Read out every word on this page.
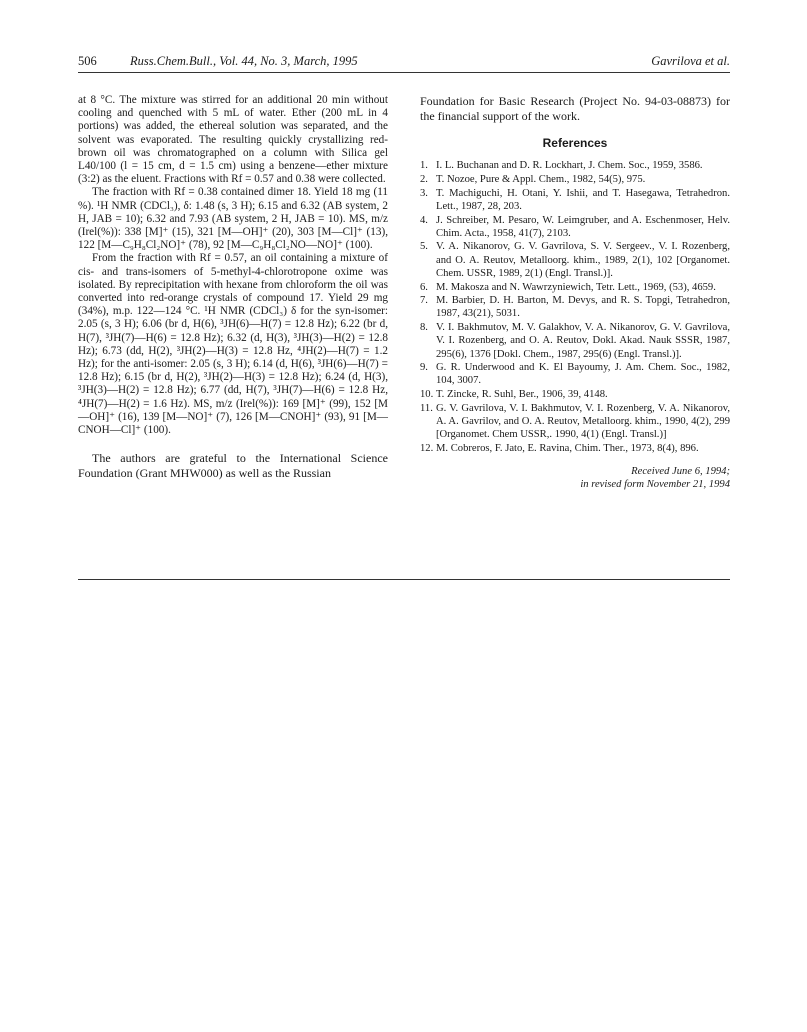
506	Russ.Chem.Bull., Vol. 44, No. 3, March, 1995	Gavrilova et al.

at 8 °C. The mixture was stirred for an additional 20 min without cooling and quenched with 5 mL of water. Ether (200 mL in 4 portions) was added, the ethereal solution was separated, and the solvent was evaporated. The resulting quickly crystallizing red-brown oil was chromatographed on a column with Silica gel L40/100 (l = 15 cm, d = 1.5 cm) using a benzene—ether mixture (3:2) as the eluent. Fractions with Rf = 0.57 and 0.38 were collected.

The fraction with Rf = 0.38 contained dimer 18. Yield 18 mg (11 %). ¹H NMR (CDCl₃), δ: 1.48 (s, 3 H); 6.15 and 6.32 (AB system, 2 H, JAB = 10); 6.32 and 7.93 (AB system, 2 H, JAB = 10). MS, m/z (Irel(%)): 338 [M]⁺ (15), 321 [M—OH]⁺ (20), 303 [M—Cl]⁺ (13), 122 [M—C₉H₈Cl₂NO]⁺ (78), 92 [M—C₉H₈Cl₂NO—NO]⁺ (100).

From the fraction with Rf = 0.57, an oil containing a mixture of cis- and trans-isomers of 5-methyl-4-chlorotropone oxime was isolated. By reprecipitation with hexane from chloroform the oil was converted into red-orange crystals of compound 17. Yield 29 mg (34%), m.p. 122—124 °C. ¹H NMR (CDCl₃) δ for the syn-isomer: 2.05 (s, 3 H); 6.06 (br d, H(6), ³JH(6)—H(7) = 12.8 Hz); 6.22 (br d, H(7), ³JH(7)—H(6) = 12.8 Hz); 6.32 (d, H(3), ³JH(3)—H(2) = 12.8 Hz); 6.73 (dd, H(2), ³JH(2)—H(3) = 12.8 Hz, ⁴JH(2)—H(7) = 1.2 Hz); for the anti-isomer: 2.05 (s, 3 H); 6.14 (d, H(6), ³JH(6)—H(7) = 12.8 Hz); 6.15 (br d, H(2), ³JH(2)—H(3) = 12.8 Hz); 6.24 (d, H(3), ³JH(3)—H(2) = 12.8 Hz); 6.77 (dd, H(7), ³JH(7)—H(6) = 12.8 Hz, ⁴JH(7)—H(2) = 1.6 Hz). MS, m/z (Irel(%)): 169 [M]⁺ (99), 152 [M—OH]⁺ (16), 139 [M—NO]⁺ (7), 126 [M—CNOH]⁺ (93), 91 [M—CNOH—Cl]⁺ (100).

The authors are grateful to the International Science Foundation (Grant MHW000) as well as the Russian

Foundation for Basic Research (Project No. 94-03-08873) for the financial support of the work.

References
1. I. L. Buchanan and D. R. Lockhart, J. Chem. Soc., 1959, 3586.
2. T. Nozoe, Pure & Appl. Chem., 1982, 54(5), 975.
3. T. Machiguchi, H. Otani, Y. Ishii, and T. Hasegawa, Tetrahedron. Lett., 1987, 28, 203.
4. J. Schreiber, M. Pesaro, W. Leimgruber, and A. Eschenmoser, Helv. Chim. Acta., 1958, 41(7), 2103.
5. V. A. Nikanorov, G. V. Gavrilova, S. V. Sergeev., V. I. Rozenberg, and O. A. Reutov, Metalloorg. khim., 1989, 2(1), 102 [Organomet. Chem. USSR, 1989, 2(1) (Engl. Transl.)].
6. M. Makosza and N. Wawrzyniewich, Tetr. Lett., 1969, (53), 4659.
7. M. Barbier, D. H. Barton, M. Devys, and R. S. Topgi, Tetrahedron, 1987, 43(21), 5031.
8. V. I. Bakhmutov, M. V. Galakhov, V. A. Nikanorov, G. V. Gavrilova, V. I. Rozenberg, and O. A. Reutov, Dokl. Akad. Nauk SSSR, 1987, 295(6), 1376 [Dokl. Chem., 1987, 295(6) (Engl. Transl.)].
9. G. R. Underwood and K. El Bayoumy, J. Am. Chem. Soc., 1982, 104, 3007.
10. T. Zincke, R. Suhl, Ber., 1906, 39, 4148.
11. G. V. Gavrilova, V. I. Bakhmutov, V. I. Rozenberg, V. A. Nikanorov, A. A. Gavrilov, and O. A. Reutov, Metalloorg. khim., 1990, 4(2), 299 [Organomet. Chem USSR,. 1990, 4(1) (Engl. Transl.)]
12. M. Cobreros, F. Jato, E. Ravina, Chim. Ther., 1973, 8(4), 896.
Received June 6, 1994;
in revised form November 21, 1994
